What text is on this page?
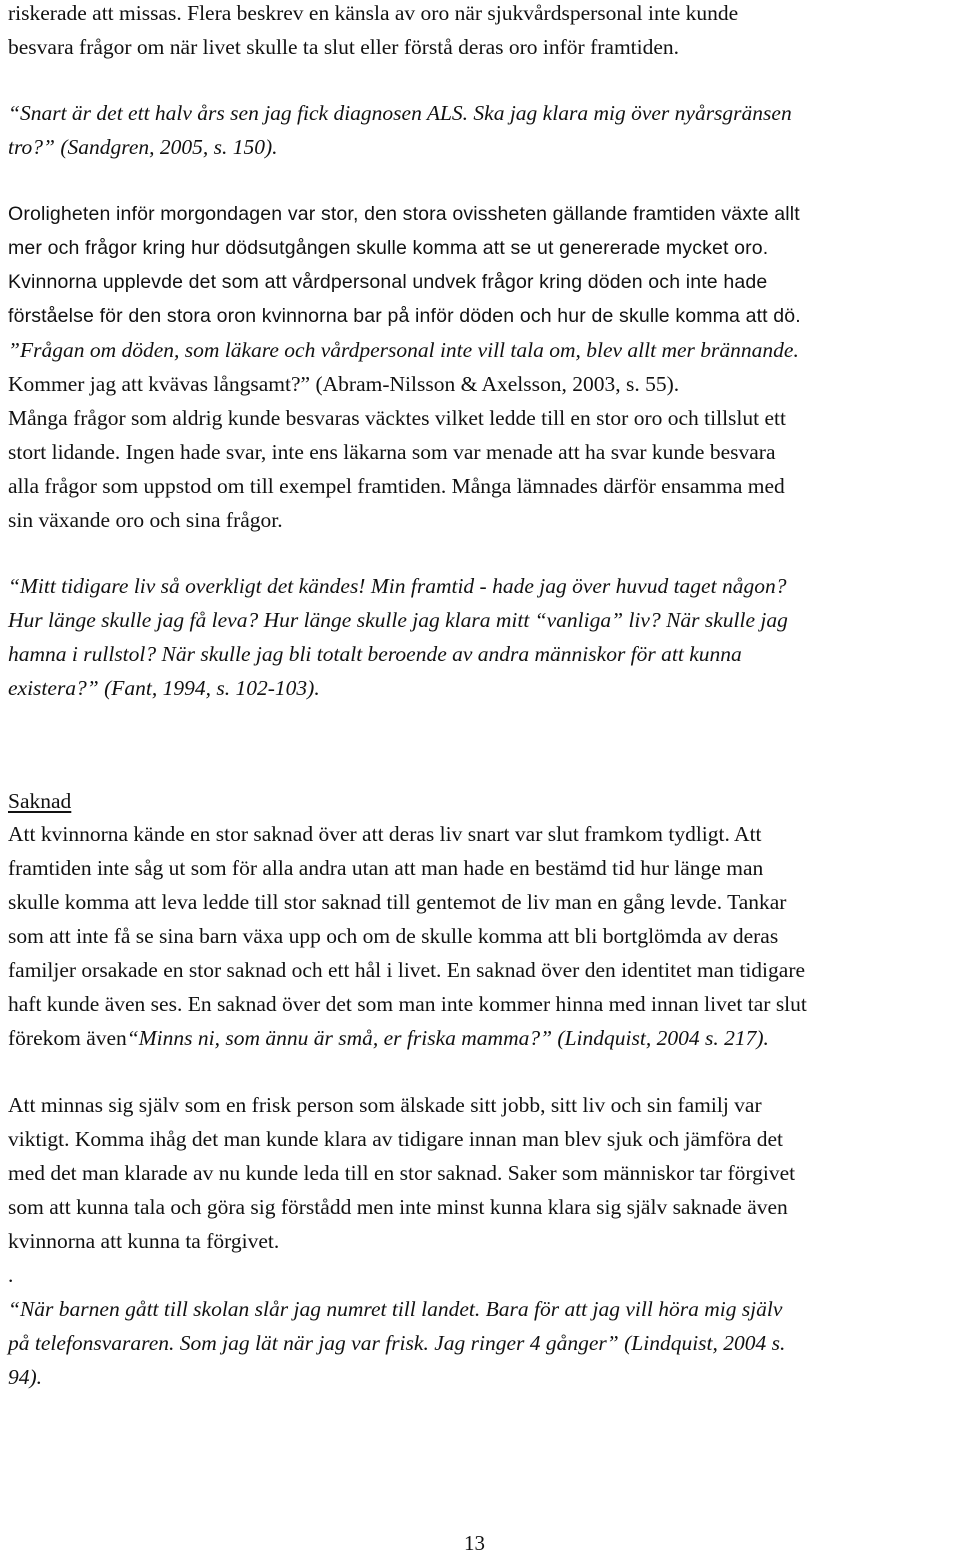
riskerade att missas. Flera beskrev en känsla av oro när sjukvårdspersonal inte kunde
besvara frågor om när livet skulle ta slut eller förstå deras oro inför framtiden.

“Snart är det ett halv års sen jag fick diagnosen ALS. Ska jag klara mig över nyårsgränsen
tro?” (Sandgren, 2005, s. 150).

Oroligheten inför morgondagen var stor, den stora ovissheten gällande framtiden växte allt
mer och frågor kring hur dödsutgången skulle komma att se ut genererade mycket oro.
Kvinnorna upplevde det som att vårdpersonal undvek frågor kring döden och inte hade
förståelse för den stora oron kvinnorna bar på inför döden och hur de skulle komma att dö.

”Frågan om döden, som läkare och vårdpersonal inte vill tala om, blev allt mer brännande.
Kommer jag att kvävas långsamt?” (Abram-Nilsson & Axelsson, 2003, s. 55).

Många frågor som aldrig kunde besvaras väcktes vilket ledde till en stor oro och tillslut ett
stort lidande. Ingen hade svar, inte ens läkarna som var menade att ha svar kunde besvara
alla frågor som uppstod om till exempel framtiden. Många lämnades därför ensamma med
sin växande oro och sina frågor.

“Mitt tidigare liv så overkligt det kändes! Min framtid - hade jag över huvud taget någon?
Hur länge skulle jag få leva? Hur länge skulle jag klara mitt “vanliga” liv? När skulle jag
hamna i rullstol? När skulle jag bli totalt beroende av andra människor för att kunna
existera?” (Fant, 1994, s. 102-103).

Saknad

Att kvinnorna kände en stor saknad över att deras liv snart var slut framkom tydligt. Att
framtiden inte såg ut som för alla andra utan att man hade en bestämd tid hur länge man
skulle komma att leva ledde till stor saknad till gentemot de liv man en gång levde. Tankar
som att inte få se sina barn växa upp och om de skulle komma att bli bortglömda av deras
familjer orsakade en stor saknad och ett hål i livet. En saknad över den identitet man tidigare
haft kunde även ses. En saknad över det som man inte kommer hinna med innan livet tar slut
förekom även“Minns ni, som ännu är små, er friska mamma?” (Lindquist, 2004 s. 217).

Att minnas sig själv som en frisk person som älskade sitt jobb, sitt liv och sin familj var
viktigt. Komma ihåg det man kunde klara av tidigare innan man blev sjuk och jämföra det
med det man klarade av nu kunde leda till en stor saknad. Saker som människor tar förgivet
som att kunna tala och göra sig förstådd men inte minst kunna klara sig själv saknade även
kvinnorna att kunna ta förgivet.
.

“När barnen gått till skolan slår jag numret till landet. Bara för att jag vill höra mig själv
på telefonsvararen. Som jag lät när jag var frisk. Jag ringer 4 gånger” (Lindquist, 2004 s.
94).

13
